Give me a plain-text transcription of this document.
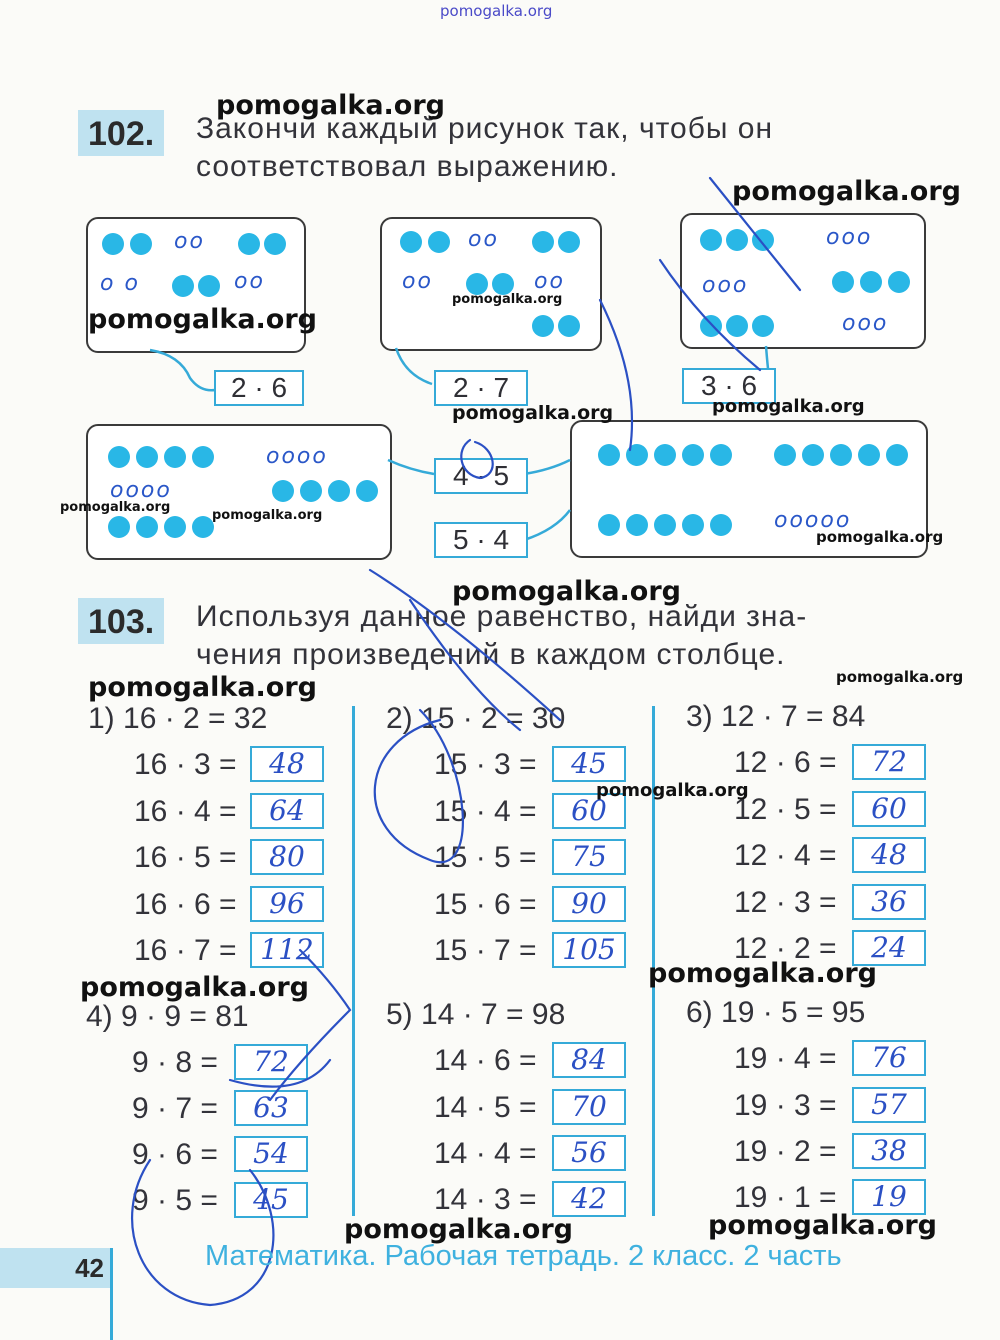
pomogalka.org
102.	Закончи каждый рисунок так, чтобы он
соответствовал выражению.
oo
o o	oo
oo
oo	oo
ooo
ooo
ooo
oooo
oooo
ooooo
2 · 6	2 · 7	3 · 6
4 · 5
5 · 4
103.	Используя данное равенство, найди зна-
чения произведений в каждом столбце.
1) 16 · 2 = 32
16 · 3 =	48
16 · 4 =	64
16 · 5 =	80
16 · 6 =	96
16 · 7 = 112
2) 15 · 2 = 30
15 · 3 =	45
15 · 4 =	60
15 · 5 =	75
15 · 6 =	90
15 · 7 = 105
3) 12 · 7 = 84
12 · 6 =	72
12 · 5 =	60
12 · 4 =	48
12 · 3 =	36
12 · 2 =	24
4) 9 · 9 = 81
9 · 8 =	72
9 · 7 =	63
9 · 6 =	54
9 · 5 =	45
5) 14 · 7 = 98
14 · 6 =	84
14 · 5 =	70
14 · 4 =	56
14 · 3 =	42
6) 19 · 5 = 95
19 · 4 =	76
19 · 3 =	57
19 · 2 =	38
19 · 1 =	19
pomogalka.org
pomogalka.org
pomogalka.org
pomogalka.org
pomogalka.org	pomogalka.org
pomogalka.org
pomogalka.org
pomogalka.org
pomogalka.org
pomogalka.org	pomogalka.org
pomogalka.org
pomogalka.org
pomogalka.org
pomogalka.org	pomogalka.org
42	Математика. Рабочая тетрадь. 2 класс. 2 часть
